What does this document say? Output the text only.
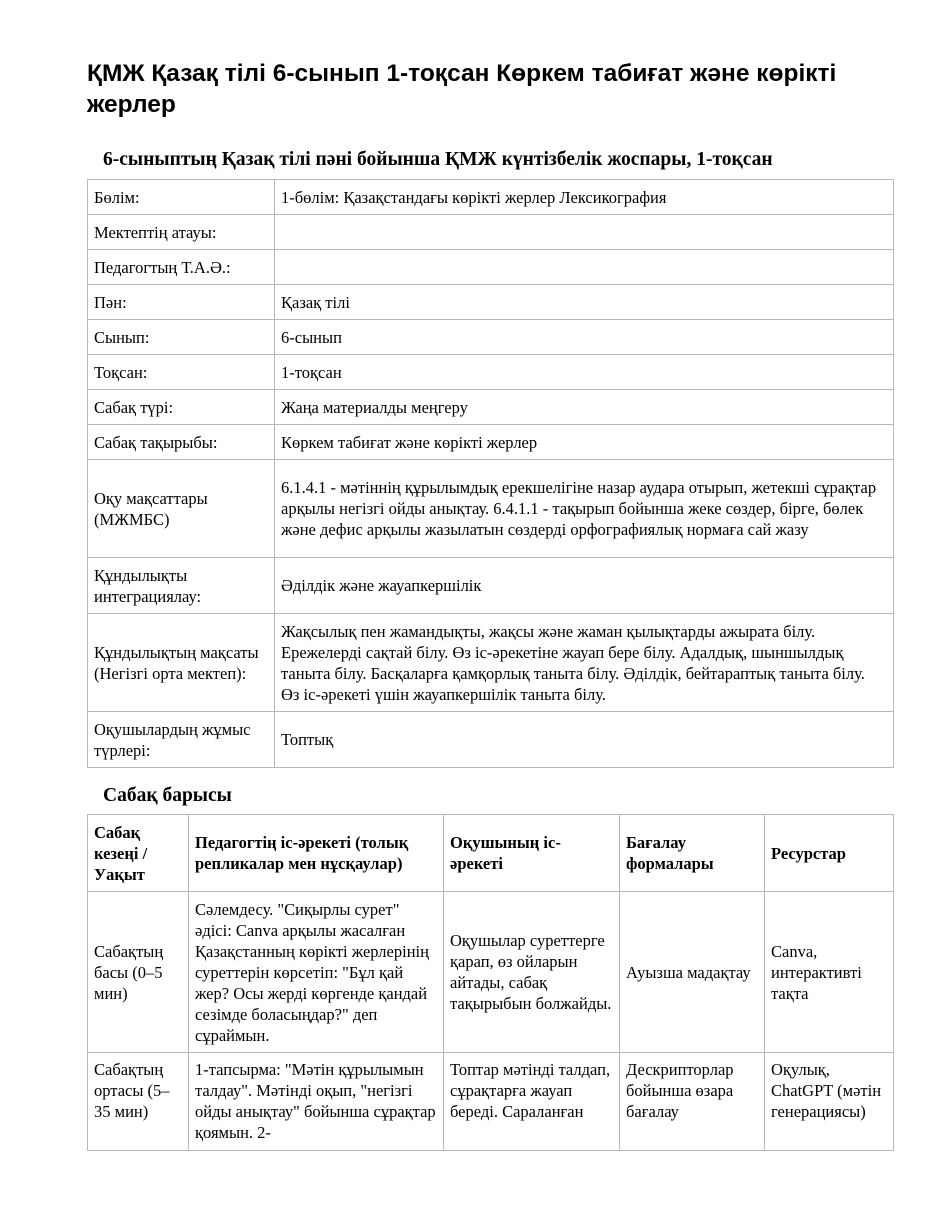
ҚМЖ Қазақ тілі 6-сынып 1-тоқсан Көркем табиғат және көрікті жерлер
6-сыныптың Қазақ тілі пәні бойынша ҚМЖ күнтізбелік жоспары, 1-тоқсан
Бөлім:	1-бөлім: Қазақстандағы көрікті жерлер Лексикография
Мектептің атауы:	
Педагогтың Т.А.Ә.:	
Пән:	Қазақ тілі
Сынып:	6-сынып
Тоқсан:	1-тоқсан
Сабақ түрі:	Жаңа материалды меңгеру
Сабақ тақырыбы:	Көркем табиғат және көрікті жерлер
Оқу мақсаттары (МЖМБС)	6.1.4.1 - мәтіннің құрылымдық ерекшелігіне назар аудара отырып, жетекші сұрақтар арқылы негізгі ойды анықтау. 6.4.1.1 - тақырып бойынша жеке сөздер, бірге, бөлек және дефис арқылы жазылатын сөздерді орфографиялық нормаға сай жазу
Құндылықты интеграциялау:	Әділдік және жауапкершілік
Құндылықтың мақсаты (Негізгі орта мектеп):	Жақсылық пен жамандықты, жақсы және жаман қылықтарды ажырата білу. Ережелерді сақтай білу. Өз іс-әрекетіне жауап бере білу. Адалдық, шыншылдық таныта білу. Басқаларға қамқорлық таныта білу. Әділдік, бейтараптық таныта білу. Өз іс-әрекеті үшін жауапкершілік таныта білу.
Оқушылардың жұмыс түрлері:	Топтық
Сабақ барысы
Сабақ кезеңі / Уақыт	Педагогтің іс-әрекеті (толық репликалар мен нұсқаулар)	Оқушының іс-әрекеті	Бағалау формалары	Ресурстар
Сабақтың басы (0–5 мин)	Сәлемдесу. "Сиқырлы сурет" әдісі: Canva арқылы жасалған Қазақстанның көрікті жерлерінің суреттерін көрсетіп: "Бұл қай жер? Осы жерді көргенде қандай сезімде боласыңдар?" деп сұраймын.	Оқушылар суреттерге қарап, өз ойларын айтады, сабақ тақырыбын болжайды.	Ауызша мадақтау	Canva, интерактивті тақта
Сабақтың ортасы (5–35 мин)	1-тапсырма: "Мәтін құрылымын талдау". Мәтінді оқып, "негізгі ойды анықтау" бойынша сұрақтар қоямын. 2-	Топтар мәтінді талдап, сұрақтарға жауап береді. Сараланған	Дескрипторлар бойынша өзара бағалау	Оқулық, ChatGPT (мәтін генерациясы)
